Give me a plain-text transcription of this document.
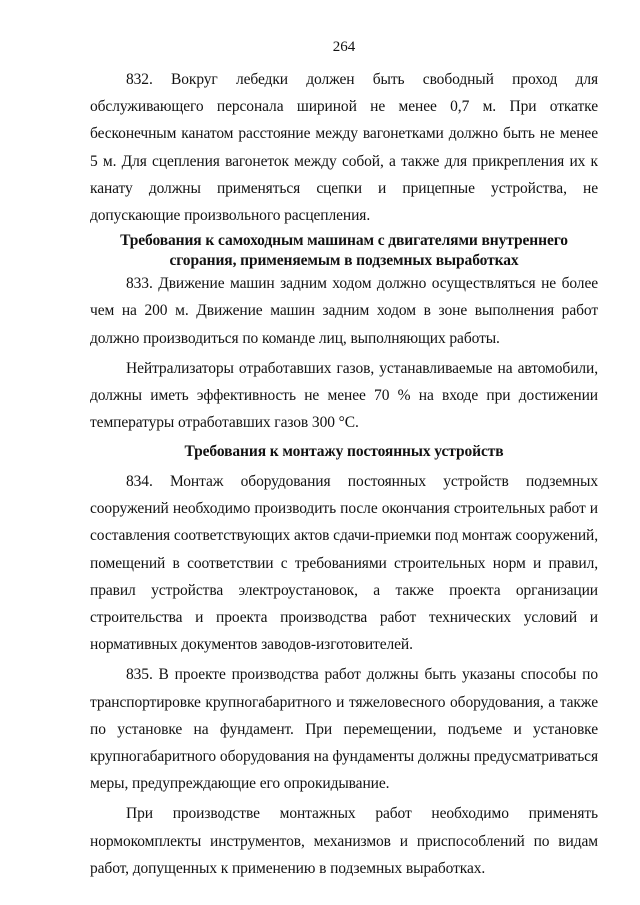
264

832. Вокруг лебедки должен быть свободный проход для обслуживающего персонала шириной не менее 0,7 м. При откатке бесконечным канатом расстояние между вагонетками должно быть не менее 5 м. Для сцепления вагонеток между собой, а также для прикрепления их к канату должны применяться сцепки и прицепные устройства, не допускающие произвольного расцепления.

Требования к самоходным машинам с двигателями внутреннего сгорания, применяемым в подземных выработках

833. Движение машин задним ходом должно осуществляться не более чем на 200 м. Движение машин задним ходом в зоне выполнения работ должно производиться по команде лиц, выполняющих работы.

Нейтрализаторы отработавших газов, устанавливаемые на автомобили, должны иметь эффективность не менее 70 % на входе при достижении температуры отработавших газов 300 °С.

Требования к монтажу постоянных устройств

834. Монтаж оборудования постоянных устройств подземных сооружений необходимо производить после окончания строительных работ и составления соответствующих актов сдачи-приемки под монтаж сооружений, помещений в соответствии с требованиями строительных норм и правил, правил устройства электроустановок, а также проекта организации строительства и проекта производства работ технических условий и нормативных документов заводов-изготовителей.

835. В проекте производства работ должны быть указаны способы по транспортировке крупногабаритного и тяжеловесного оборудования, а также по установке на фундамент. При перемещении, подъеме и установке крупногабаритного оборудования на фундаменты должны предусматриваться меры, предупреждающие его опрокидывание.

При производстве монтажных работ необходимо применять нормокомплекты инструментов, механизмов и приспособлений по видам работ, допущенных к применению в подземных выработках.
